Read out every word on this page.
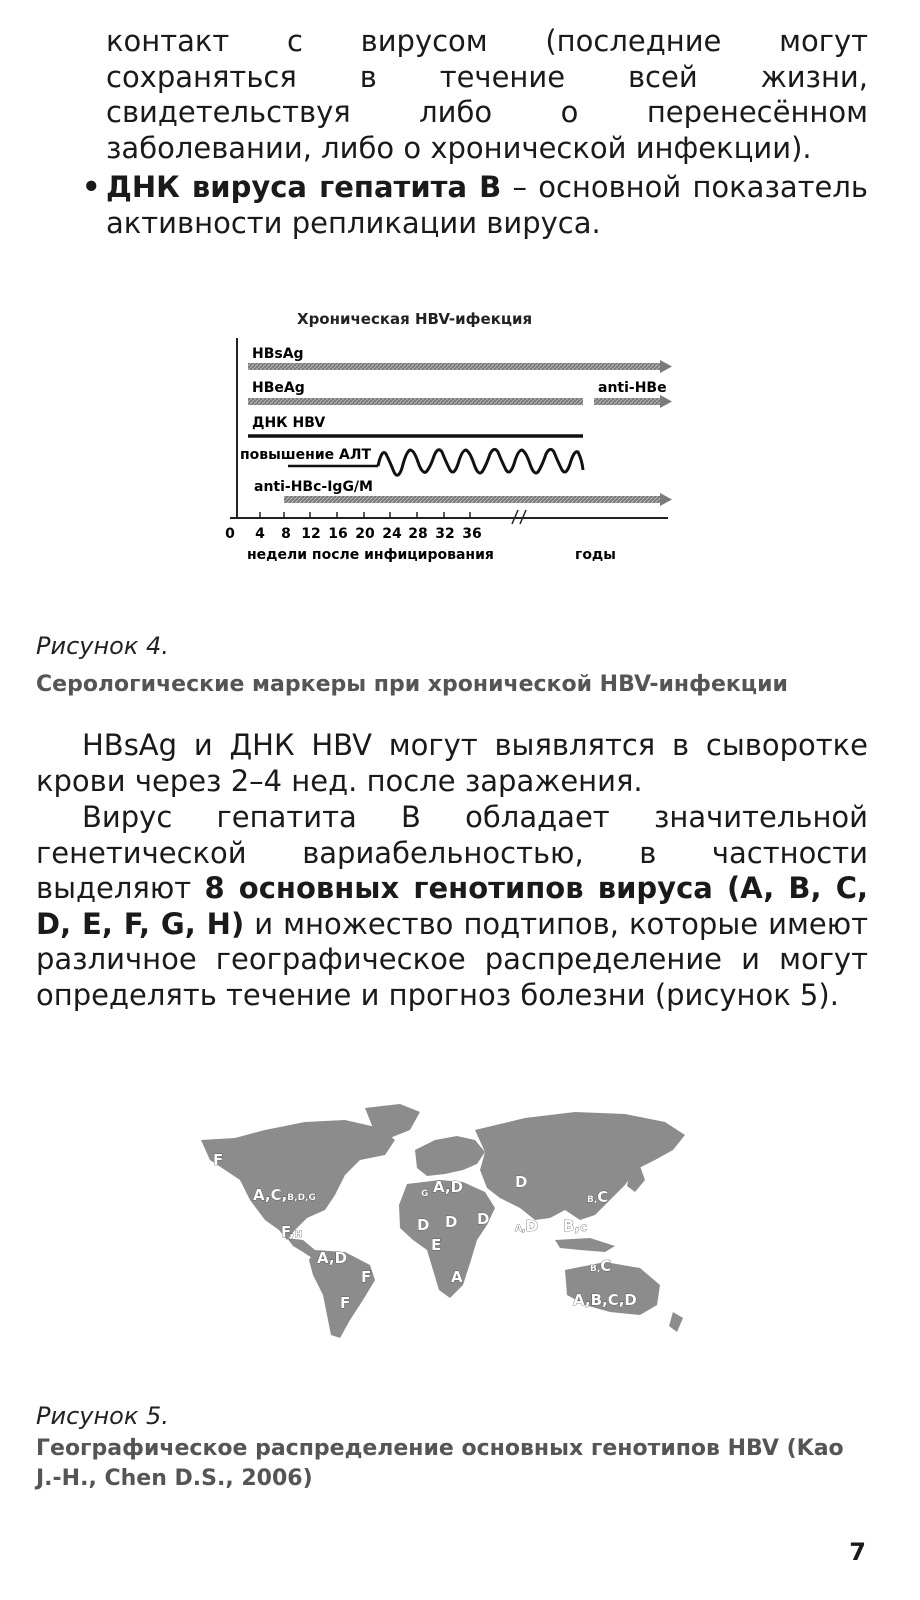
контакт с вирусом (последние могут сохраняться в течение всей жизни, свидетельствуя либо о перенесённом заболевании, либо о хронической инфекции).

• ДНК вируса гепатита В – основной показатель активности репликации вируса.

Хроническая HBV-ифекция
HBsAg
HBeAg	anti-HBe
ДНК HBV
повышение АЛТ
anti-HBc-IgG/M
0 4 8 12 16 20 24 28 32 36
недели после инфицирования	годы
Рисунок 4.
Серологические маркеры при хронической HBV-инфекции

HBsAg и ДНК HBV могут выявлятся в сыворотке крови через 2–4 нед. после заражения.

Вирус гепатита В обладает значительной генетической вариабельностью, в частности выделяют 8 основных генотипов вируса (A, B, C, D, E, F, G, H) и множество подтипов, которые имеют различное географическое распределение и могут определять течение и прогноз болезни (рисунок 5).

F
A,C,B,D,G
F,H
A,D
F
F
G A,D	D
B,C
D D D
A,D B,C
E
A	B,C
A,B,C,D
Рисунок 5.
Географическое распределение основных генотипов HBV (Kao J.-H., Chen D.S., 2006)
7
